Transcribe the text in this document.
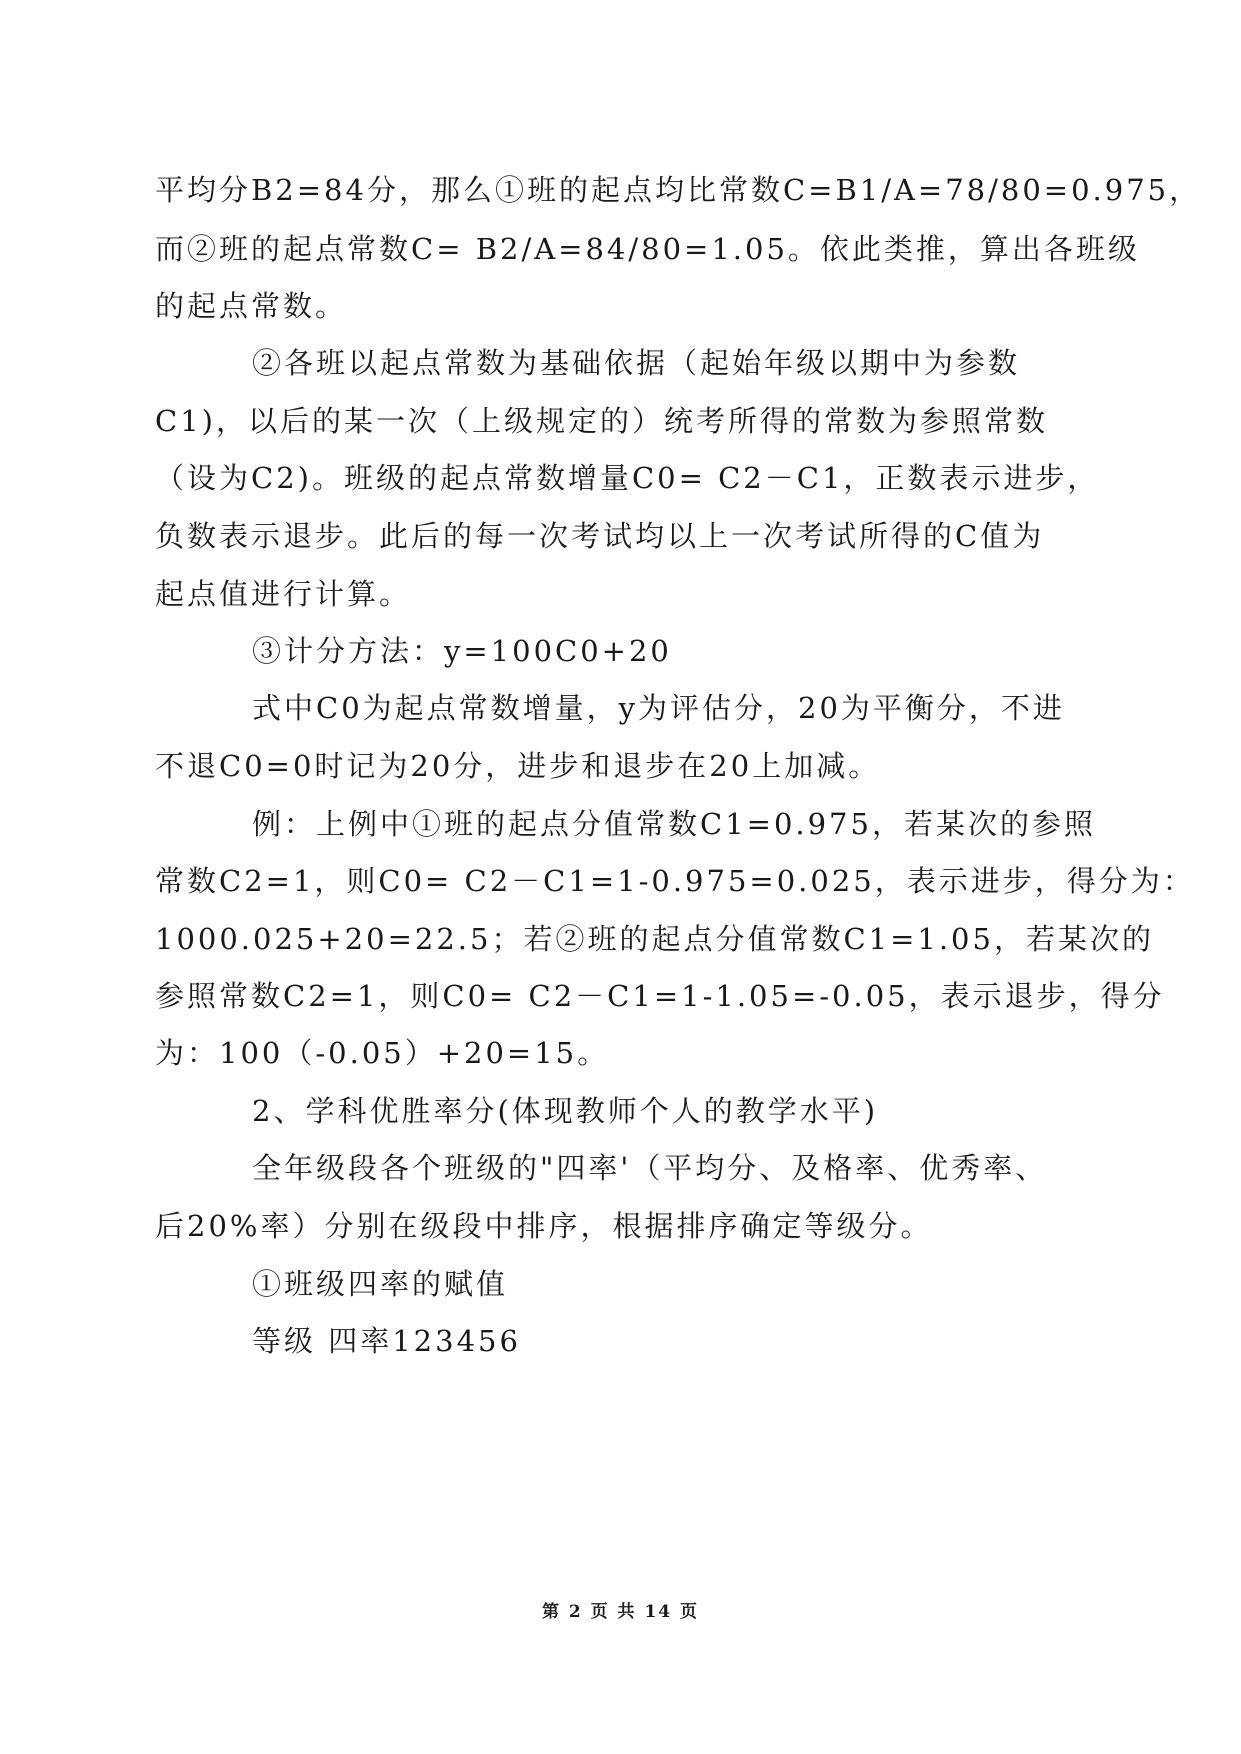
平均分B2=84分，那么①班的起点均比常数C=B1/A=78/80=0.975，
而②班的起点常数C= B2/A=84/80=1.05。依此类推，算出各班级
的起点常数。
②各班以起点常数为基础依据（起始年级以期中为参数
C1)，以后的某一次（上级规定的）统考所得的常数为参照常数
（设为C2)。班级的起点常数增量C0= C2－C1，正数表示进步，
负数表示退步。此后的每一次考试均以上一次考试所得的C值为
起点值进行计算。
③计分方法：y=100C0+20
式中C0为起点常数增量，y为评估分，20为平衡分，不进
不退C0=0时记为20分，进步和退步在20上加减。
例：上例中①班的起点分值常数C1=0.975，若某次的参照
常数C2=1，则C0= C2－C1=1-0.975=0.025，表示进步，得分为：
1000.025+20=22.5；若②班的起点分值常数C1=1.05，若某次的
参照常数C2=1，则C0= C2－C1=1-1.05=-0.05，表示退步，得分
为：100（-0.05）+20=15。
2、学科优胜率分(体现教师个人的教学水平)
全年级段各个班级的"四率'（平均分、及格率、优秀率、
后20%率）分别在级段中排序，根据排序确定等级分。
①班级四率的赋值
等级 四率123456
第 2 页 共 14 页
